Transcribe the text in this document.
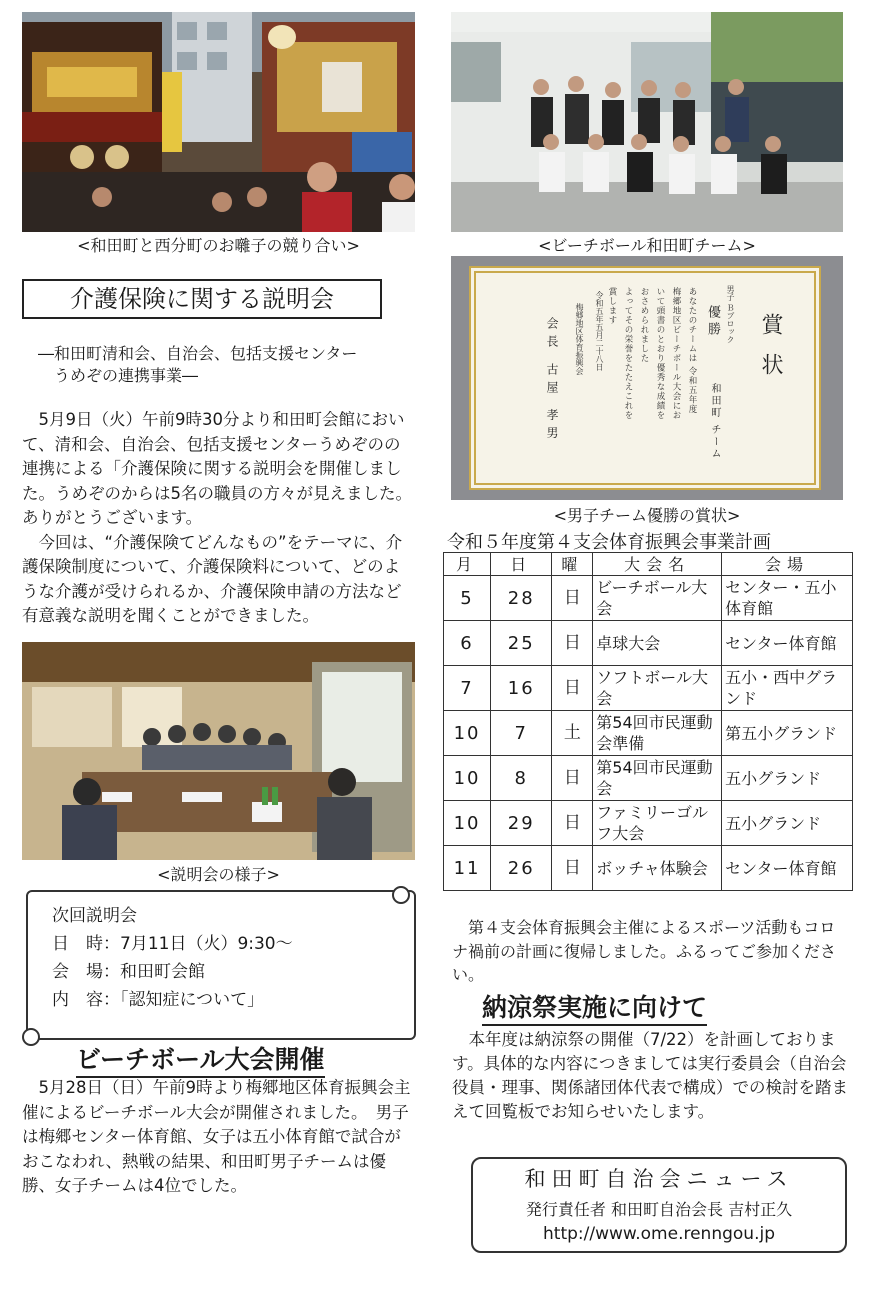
<和田町と西分町のお囃子の競り合い>
介護保険に関する説明会
―和田町清和会、自治会、包括支援センター
うめぞの連携事業―

5月9日（火）午前9時30分より和田町会館において、清和会、自治会、包括支援センターうめぞのの連携による「介護保険に関する説明会を開催しました。うめぞのからは5名の職員の方々が見えました。ありがとうございます。

今回は、“介護保険てどんなもの”をテーマに、介護保険制度について、介護保険料について、どのような介護が受けられるか、介護保険申請の方法など有意義な説明を聞くことができました。

<説明会の様子>
次回説明会
日　時：7月11日（火）9:30〜
会　場：和田町会館
内　容：「認知症について」
ビーチボール大会開催

5月28日（日）午前9時より梅郷地区体育振興会主催によるビーチボール大会が開催されました。　男子は梅郷センター体育館、女子は五小体育館で試合がおこなわれ、熱戦の結果、和田町男子チームは優勝、女子チームは4位でした。

<ビーチボール和田町チーム>
賞状
男子 Ｂブロック
優勝
和田町 チーム
あなたのチームは 令和五年度
梅郷地区ビーチボール大会にお
いて頭書のとおり優秀な成績を
おさめられました
よってその栄誉をたたえこれを
賞します
令和五年五月二十八日
梅郷地区体育振興会
会長 古屋 孝男
<男子チーム優勝の賞状>
令和５年度第４支会体育振興会事業計画
月	日	曜	大会名	会場
5	28	日	ビーチボール大会	センター・五小体育館
6	25	日	卓球大会	センター体育館
7	16	日	ソフトボール大会	五小・西中グランド
10	7	土	第54回市民運動会準備	第五小グランド
10	8	日	第54回市民運動会	五小グランド
10	29	日	ファミリーゴルフ大会	五小グランド
11	26	日	ボッチャ体験会	センター体育館

第４支会体育振興会主催によるスポーツ活動もコロナ禍前の計画に復帰しました。ふるってご参加ください。

納涼祭実施に向けて

本年度は納涼祭の開催（7/22）を計画しております。具体的な内容につきましては実行委員会（自治会役員・理事、関係諸団体代表で構成）での検討を踏まえて回覧板でお知らせいたします。

和田町自治会ニュース
発行責任者 和田町自治会長 吉村正久
http://www.ome.renngou.jp
